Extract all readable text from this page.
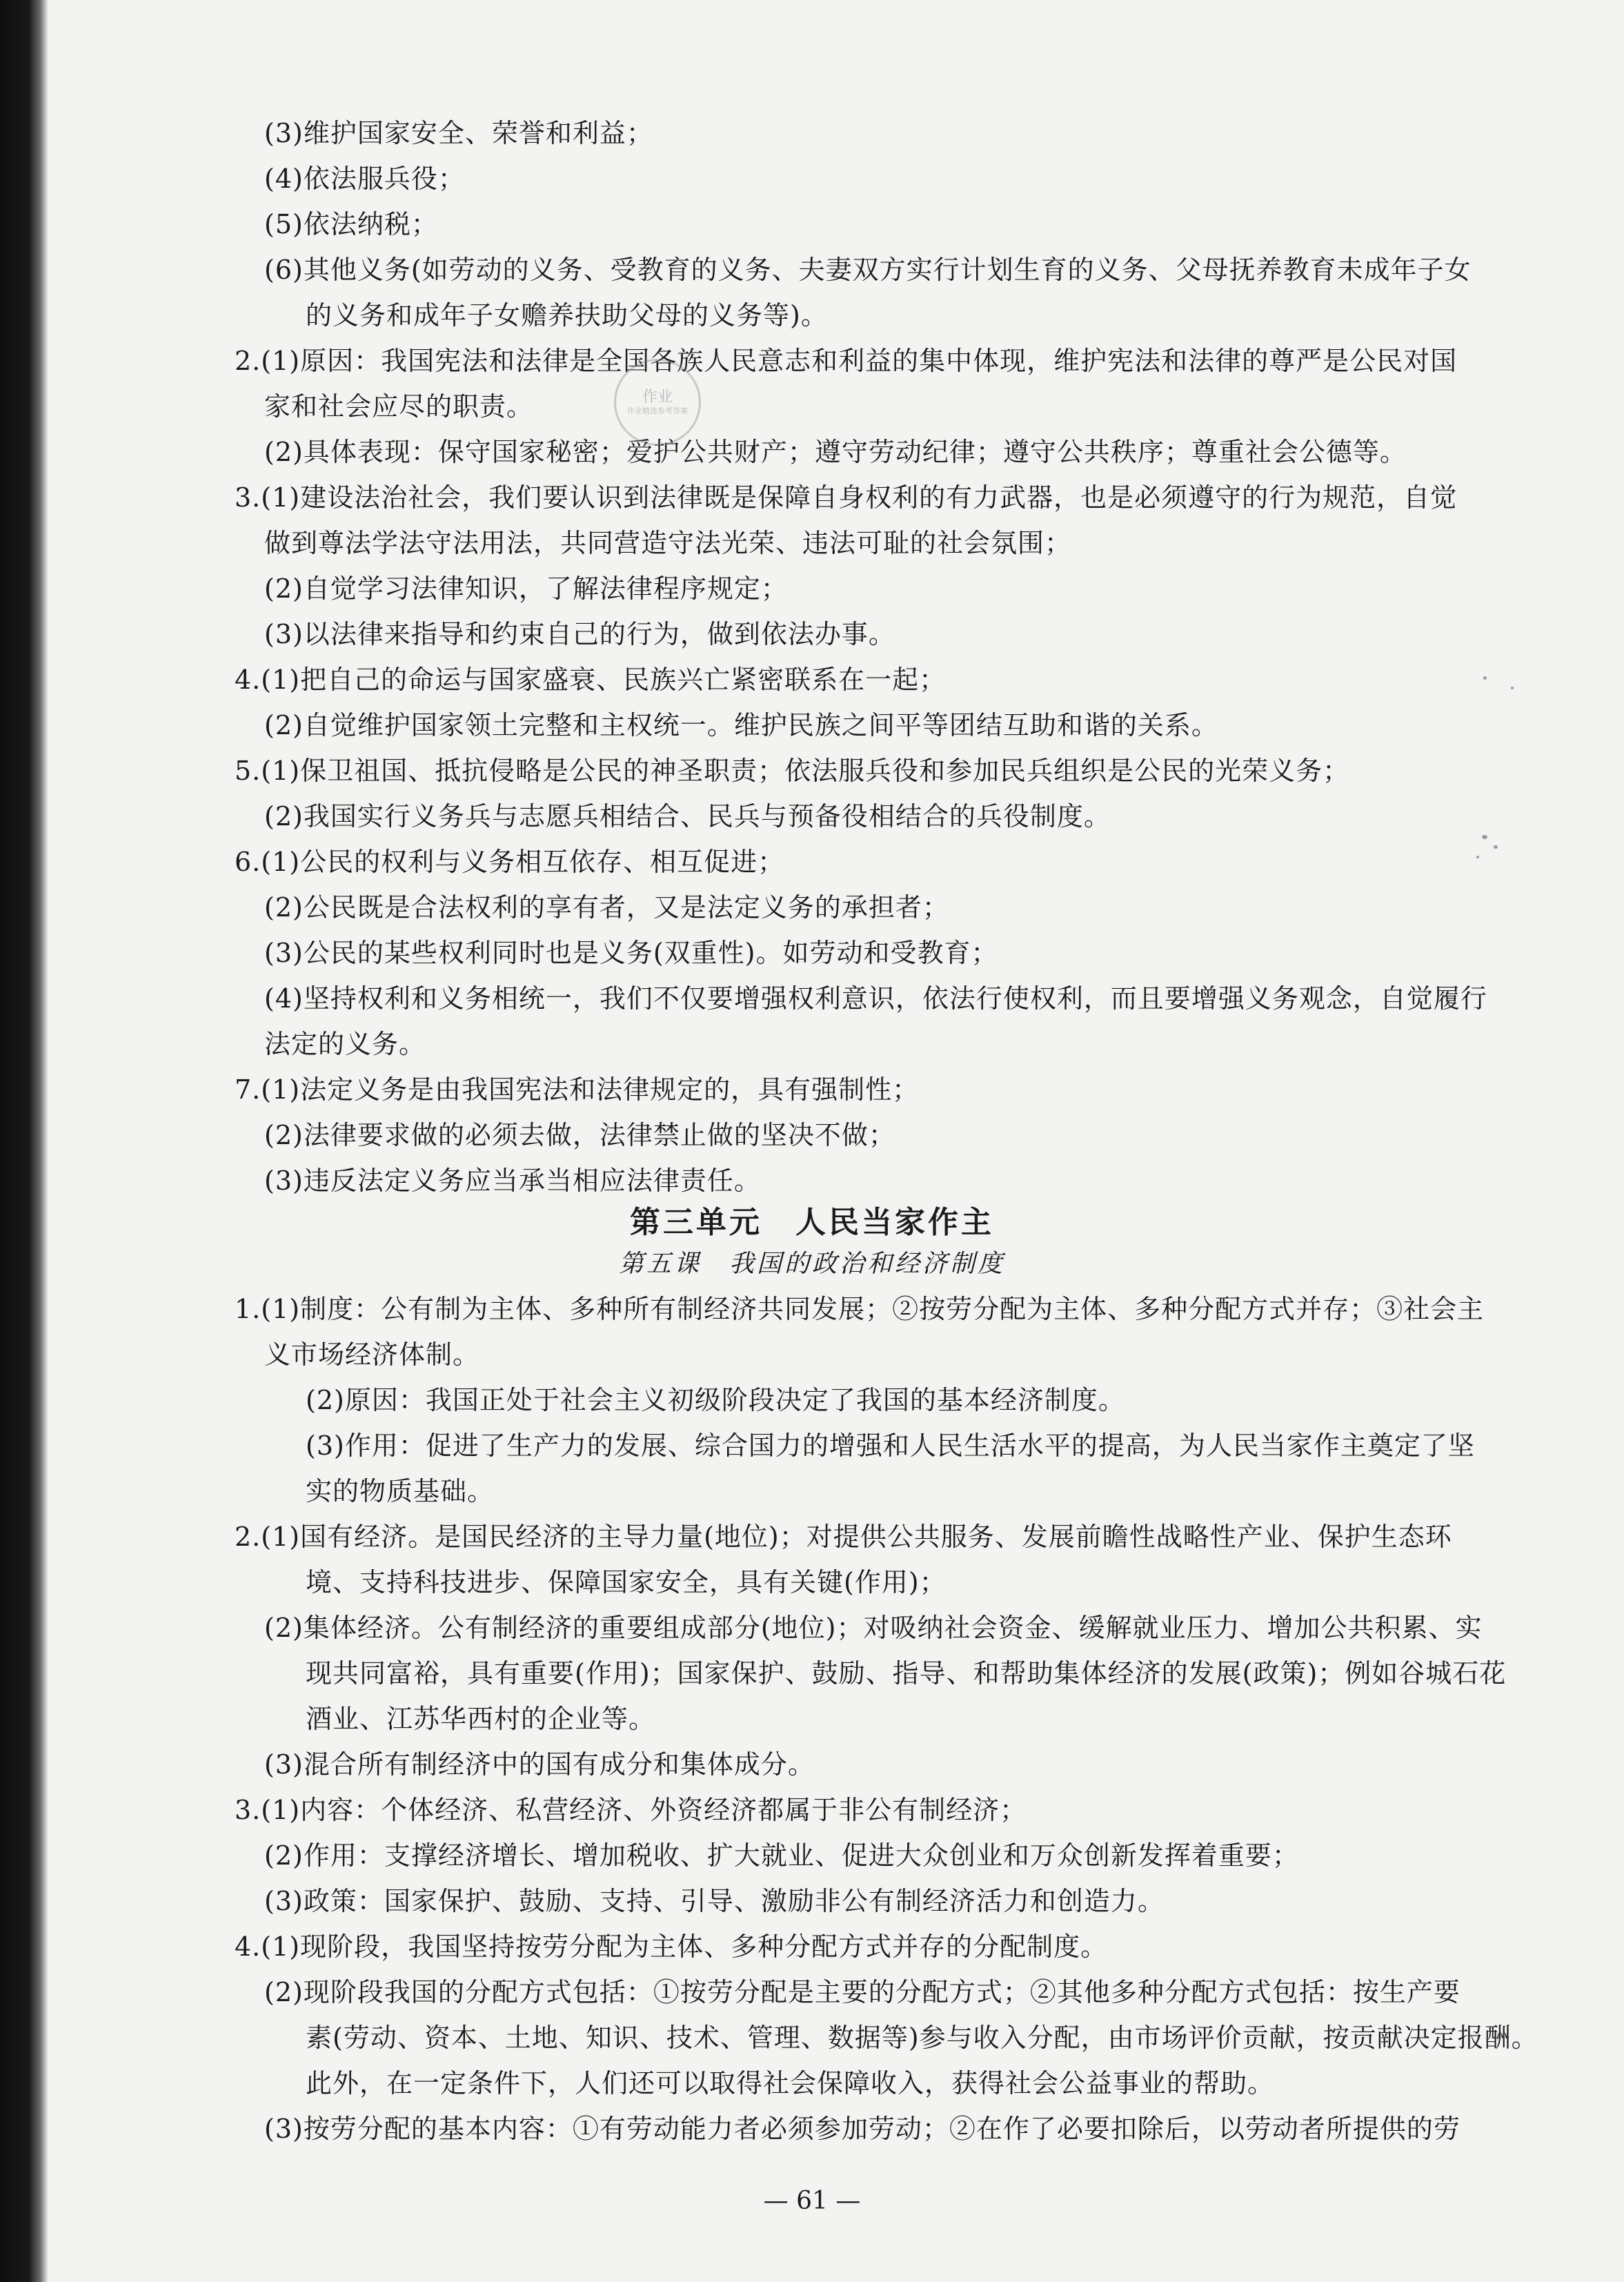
(3)维护国家安全、荣誉和利益；
(4)依法服兵役；
(5)依法纳税；
(6)其他义务(如劳动的义务、受教育的义务、夫妻双方实行计划生育的义务、父母抚养教育未成年子女
的义务和成年子女赡养扶助父母的义务等)。
2.(1)原因：我国宪法和法律是全国各族人民意志和利益的集中体现，维护宪法和法律的尊严是公民对国
家和社会应尽的职责。
(2)具体表现：保守国家秘密；爱护公共财产；遵守劳动纪律；遵守公共秩序；尊重社会公德等。
3.(1)建设法治社会，我们要认识到法律既是保障自身权利的有力武器，也是必须遵守的行为规范，自觉
做到尊法学法守法用法，共同营造守法光荣、违法可耻的社会氛围；
(2)自觉学习法律知识，了解法律程序规定；
(3)以法律来指导和约束自己的行为，做到依法办事。
4.(1)把自己的命运与国家盛衰、民族兴亡紧密联系在一起；
(2)自觉维护国家领土完整和主权统一。维护民族之间平等团结互助和谐的关系。
5.(1)保卫祖国、抵抗侵略是公民的神圣职责；依法服兵役和参加民兵组织是公民的光荣义务；
(2)我国实行义务兵与志愿兵相结合、民兵与预备役相结合的兵役制度。
6.(1)公民的权利与义务相互依存、相互促进；
(2)公民既是合法权利的享有者，又是法定义务的承担者；
(3)公民的某些权利同时也是义务(双重性)。如劳动和受教育；
(4)坚持权利和义务相统一，我们不仅要增强权利意识，依法行使权利，而且要增强义务观念，自觉履行
法定的义务。
7.(1)法定义务是由我国宪法和法律规定的，具有强制性；
(2)法律要求做的必须去做，法律禁止做的坚决不做；
(3)违反法定义务应当承当相应法律责任。
第三单元　人民当家作主
第五课　我国的政治和经济制度
1.(1)制度：公有制为主体、多种所有制经济共同发展；②按劳分配为主体、多种分配方式并存；③社会主
义市场经济体制。
(2)原因：我国正处于社会主义初级阶段决定了我国的基本经济制度。
(3)作用：促进了生产力的发展、综合国力的增强和人民生活水平的提高，为人民当家作主奠定了坚
实的物质基础。
2.(1)国有经济。是国民经济的主导力量(地位)；对提供公共服务、发展前瞻性战略性产业、保护生态环
境、支持科技进步、保障国家安全，具有关键(作用)；
(2)集体经济。公有制经济的重要组成部分(地位)；对吸纳社会资金、缓解就业压力、增加公共积累、实
现共同富裕，具有重要(作用)；国家保护、鼓励、指导、和帮助集体经济的发展(政策)；例如谷城石花
酒业、江苏华西村的企业等。
(3)混合所有制经济中的国有成分和集体成分。
3.(1)内容：个体经济、私营经济、外资经济都属于非公有制经济；
(2)作用：支撑经济增长、增加税收、扩大就业、促进大众创业和万众创新发挥着重要；
(3)政策：国家保护、鼓励、支持、引导、激励非公有制经济活力和创造力。
4.(1)现阶段，我国坚持按劳分配为主体、多种分配方式并存的分配制度。
(2)现阶段我国的分配方式包括：①按劳分配是主要的分配方式；②其他多种分配方式包括：按生产要
素(劳动、资本、土地、知识、技术、管理、数据等)参与收入分配，由市场评价贡献，按贡献决定报酬。
此外，在一定条件下，人们还可以取得社会保障收入，获得社会公益事业的帮助。
(3)按劳分配的基本内容：①有劳动能力者必须参加劳动；②在作了必要扣除后，以劳动者所提供的劳
— 61 —
作业
作业精选参考答案
